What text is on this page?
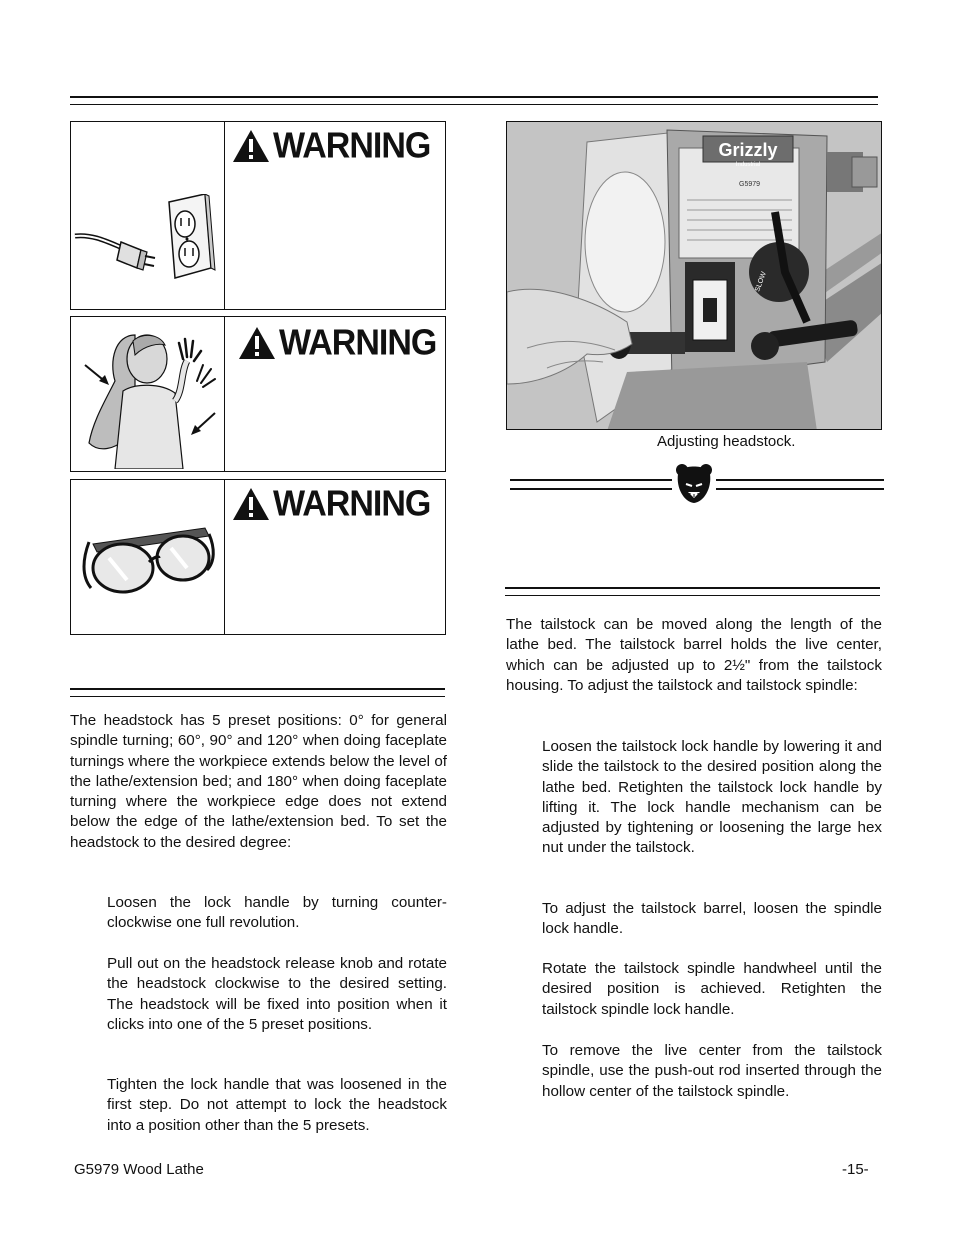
WARNING
WARNING
WARNING

The headstock has 5 preset positions: 0° for general spindle turning; 60°, 90° and 120° when doing faceplate turnings where the workpiece extends below the level of the lathe/extension bed; and 180° when doing faceplate turning where the workpiece edge does not extend below the edge of the lathe/extension bed. To set the headstock to the desired degree:

Loosen the lock handle by turning counter-clockwise one full revolution.

Pull out on the headstock release knob and rotate the headstock clockwise to the desired setting. The headstock will be fixed into position when it clicks into one of the 5 preset positions.

Tighten the lock handle that was loosened in the first step. Do not attempt to lock the headstock into a position other than the 5 presets.

Grizzly
Industrial
G5979
SLOW
Adjusting headstock.

The tailstock can be moved along the length of the lathe bed. The tailstock barrel holds the live center, which can be adjusted up to 2½" from the tailstock housing. To adjust the tailstock and tailstock spindle:

Loosen the tailstock lock handle by lowering it and slide the tailstock to the desired position along the lathe bed. Retighten the tailstock lock handle by lifting it. The lock handle mechanism can be adjusted by tightening or loosening the large hex nut under the tailstock.

To adjust the tailstock barrel, loosen the spindle lock handle.

Rotate the tailstock spindle handwheel until the desired position is achieved. Retighten the tailstock spindle lock handle.

To remove the live center from the tailstock spindle, use the push-out rod inserted through the hollow center of the tailstock spindle.

G5979 Wood Lathe	-15-
